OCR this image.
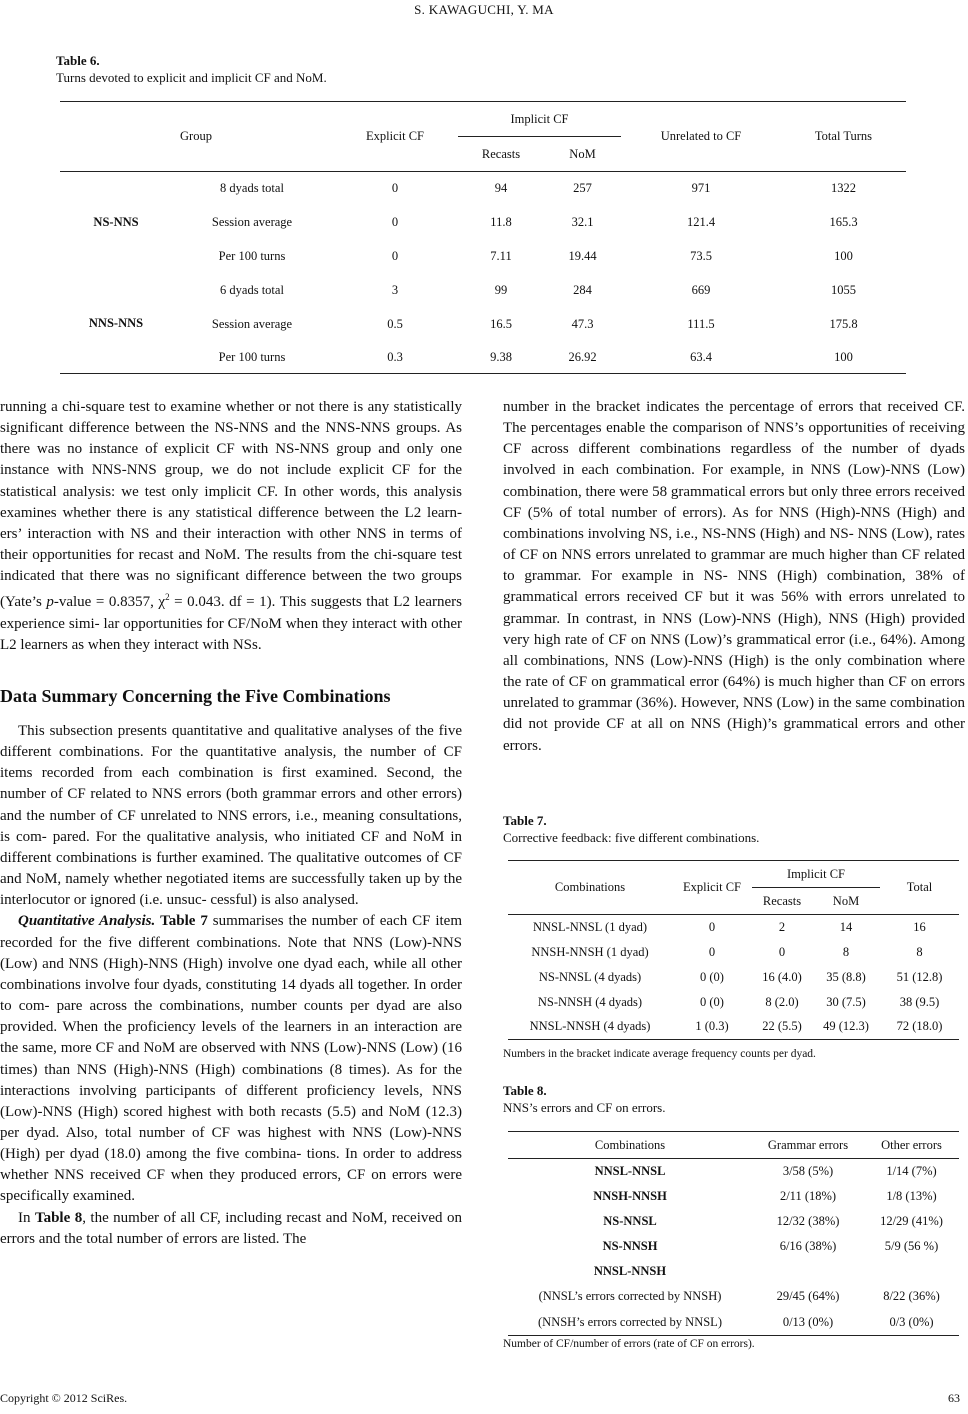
S. KAWAGUCHI, Y. MA
Table 6.
Turns devoted to explicit and implicit CF and NoM.
Group		Explicit CF	Implicit CF		Unrelated to CF	Total Turns
			Recasts	NoM		
NS-NNS	8 dyads total	0	94	257	971	1322
	Session average	0	11.8	32.1	121.4	165.3
	Per 100 turns	0	7.11	19.44	73.5	100
NNS-NNS	6 dyads total	3	99	284	669	1055
	Session average	0.5	16.5	47.3	111.5	175.8
	Per 100 turns	0.3	9.38	26.92	63.4	100

running a chi-square test to examine whether or not there is any statistically significant difference between the NS-NNS and the NNS-NNS groups. As there was no instance of explicit CF with NS-NNS group and only one instance with NNS-NNS group, we do not include explicit CF for the statistical analysis: we test only implicit CF. In other words, this analysis examines whether there is any statistical difference between the L2 learn- ers’ interaction with NS and their interaction with other NNS in terms of their opportunities for recast and NoM. The results from the chi-square test indicated that there was no significant difference between the two groups (Yate’s p-value = 0.8357, $\chi^2 = 0.043$. df = 1). This suggests that L2 learners experience simi- lar opportunities for CF/NoM when they interact with other L2 learners as when they interact with NSs.

Data Summary Concerning the Five Combinations

This subsection presents quantitative and qualitative analyses of the five different combinations. For the quantitative analysis, the number of CF items recorded from each combination is first examined. Second, the number of CF related to NNS errors (both grammar errors and other errors) and the number of CF unrelated to NNS errors, i.e., meaning consultations, is com- pared. For the qualitative analysis, who initiated CF and NoM in different combinations is further examined. The qualitative outcomes of CF and NoM, namely whether negotiated items are successfully taken up by the interlocutor or ignored (i.e. unsuc- cessful) is also analysed.

Quantitative Analysis. Table 7 summarises the number of each CF item recorded for the five different combinations. Note that NNS (Low)-NNS (Low) and NNS (High)-NNS (High) involve one dyad each, while all other combinations involve four dyads, constituting 14 dyads all together. In order to com- pare across the combinations, number counts per dyad are also provided. When the proficiency levels of the learners in an interaction are the same, more CF and NoM are observed with NNS (Low)-NNS (Low) (16 times) than NNS (High)-NNS (High) combinations (8 times). As for the interactions involving participants of different proficiency levels, NNS (Low)-NNS (High) scored highest with both recasts (5.5) and NoM (12.3) per dyad. Also, total number of CF was highest with NNS (Low)-NNS (High) per dyad (18.0) among the five combina- tions. In order to address whether NNS received CF when they produced errors, CF on errors were specifically examined.

In Table 8, the number of all CF, including recast and NoM, received on errors and the total number of errors are listed. The

number in the bracket indicates the percentage of errors that received CF. The percentages enable the comparison of NNS’s opportunities of receiving CF across different combinations regardless of the number of dyads involved in each combination. For example, in NNS (Low)-NNS (Low) combination, there were 58 grammatical errors but only three errors received CF (5% of total number of errors). As for NNS (High)-NNS (High) and combinations involving NS, i.e., NS-NNS (High) and NS- NNS (Low), rates of CF on NNS errors unrelated to grammar are much higher than CF related to grammar. For example in NS- NNS (High) combination, 38% of grammatical errors received CF but it was 56% with errors unrelated to grammar. In contrast, in NNS (Low)-NNS (High), NNS (High) provided very high rate of CF on NNS (Low)’s grammatical error (i.e., 64%). Among all combinations, NNS (Low)-NNS (High) is the only combination where the rate of CF on grammatical error (64%) is much higher than CF on errors unrelated to grammar (36%). However, NNS (Low) in the same combination did not provide CF at all on NNS (High)’s grammatical errors and other errors.

Table 7.
Corrective feedback: five different combinations.
Combinations	Explicit CF	Implicit CF		Total
		Recasts	NoM	
NNSL-NNSL (1 dyad)	0	2	14	16
NNSH-NNSH (1 dyad)	0	0	8	8
NS-NNSL (4 dyads)	0 (0)	16 (4.0)	35 (8.8)	51 (12.8)
NS-NNSH (4 dyads)	0 (0)	8 (2.0)	30 (7.5)	38 (9.5)
NNSL-NNSH (4 dyads)	1 (0.3)	22 (5.5)	49 (12.3)	72 (18.0)
Numbers in the bracket indicate average frequency counts per dyad.
Table 8.
NNS’s errors and CF on errors.
Combinations	Grammar errors	Other errors
NNSL-NNSL	3/58 (5%)	1/14 (7%)
NNSH-NNSH	2/11 (18%)	1/8 (13%)
NS-NNSL	12/32 (38%)	12/29 (41%)
NS-NNSH	6/16 (38%)	5/9 (56 %)
NNSL-NNSH		
(NNSL’s errors corrected by NNSH)	29/45 (64%)	8/22 (36%)
(NNSH’s errors corrected by NNSL)	0/13 (0%)	0/3 (0%)
Number of CF/number of errors (rate of CF on errors).
Copyright © 2012 SciRes.	63
